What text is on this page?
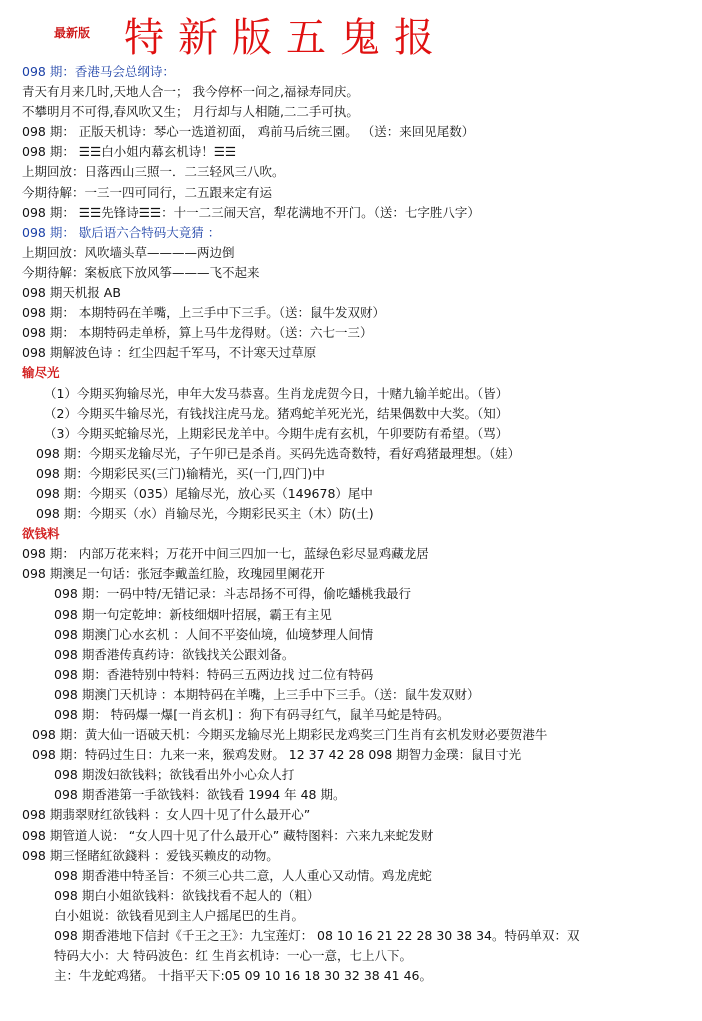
最新版 特新版五鬼报
098 期：香港马会总纲诗：
青天有月来几时,天地人合一； 我今停杯一问之,福禄寿同庆。
不攀明月不可得,春风吹又生； 月行却与人相随,二二手可执。
098 期： 正版天机诗：琴心一选道初面， 鸡前马后统三園。 （送：来回见尾数）
098 期： ☰☰白小姐内幕玄机诗！☰☰
上期回放：日落西山三照一．二三轻风三八吹。
今期待解：一三一四可同行，二五跟来定有运
098 期： ☰☰先锋诗☰☰：十一二三闹天宫，犁花满地不开门。（送：七字胜八字）
098 期： 歇后语六合特码大竟猜 ：
上期回放：风吹墙头草————两边倒
今期待解：案板底下放风筝———飞不起来
098 期天机报 AB
098 期： 本期特码在羊嘴，上三手中下三手。（送：鼠牛发双财）
098 期： 本期特码走单桥，算上马牛龙得财。（送：六七一三）
098 期解波色诗 ：红尘四起千军马，不计寒天过草原
输尽光
（1）今期买狗输尽光，申年大发马恭喜。生肖龙虎贺今日，十赌九输羊蛇出。（皆）
（2）今期买牛输尽光，有钱找注虎马龙。猪鸡蛇羊死光光，结果偶数中大奖。（知）
（3）今期买蛇输尽光，上期彩民龙羊中。今期牛虎有玄机，午卯要防有希望。（骂）
098 期：今期买龙输尽光，子午卯已是杀肖。买码先选奇数特，看好鸡猪最理想。（娃）
098 期：今期彩民买(三门)输精光，买(一门,四门)中
098 期：今期买（035）尾输尽光，放心买（149678）尾中
098 期：今期买（水）肖输尽光，今期彩民买主（木）防(土)
欲钱料
098 期： 内部万花来料；万花开中间三四加一七，蓝绿色彩尽显鸡藏龙居
098 期澳足一句话：张冠李戴盖红脸，玫瑰园里阑花开
098 期：一码中特/无错记录：斗志昂扬不可得，偷吃蟠桃我最行
098 期一句定乾坤：新枝细烟叶招展，霸王有主见
098 期澳门心水玄机 ：人间不平姿仙境，仙境梦理人间情
098 期香港传真药诗：欲钱找关公跟刘备。
098 期：香港特别中特料：特码三五两边找 过二位有特码
098 期澳门天机诗 ：本期特码在羊嘴，上三手中下三手。（送：鼠牛发双财）
098 期： 特码爆一爆[一肖玄机] ：狗下有码寻红气，鼠羊马蛇是特码。
098 期：黄大仙一语破天机：今期买龙输尽光上期彩民龙鸡奖三门生肖有玄机发财必要贺港牛
098 期：特码过生日：九来一来，猴鸡发财。 12 37 42 28 098 期智力金璞：鼠目寸光
098 期泼妇欲钱料；欲钱看出外小心众人打
098 期香港第一手欲钱料：欲钱看 1994 年 48 期。
098 期翡翠财红欲钱料 ：女人四十见了什么最开心”
098 期管道人说： “女人四十见了什么最开心” 藏特图料：六来九来蛇发财
098 期三怪睹紅欲錢料 ：爱钱买赖皮的动物。
098 期香港中特圣旨：不须三心共二意，人人重心又动情。鸡龙虎蛇
098 期白小姐欲钱料：欲钱找看不起人的（粗）
白小姐说：欲钱看见到主人户摇尾巴的生肖。
098 期香港地下信封《千王之王》：九宝莲灯： 08 10 16 21 22 28 30 38 34。特码单双：双
特码大小：大 特码波色：红 生肖玄机诗：一心一意，七上八下。
主：牛龙蛇鸡猪。 十指平天下:05 09 10 16 18 30 32 38 41 46。
